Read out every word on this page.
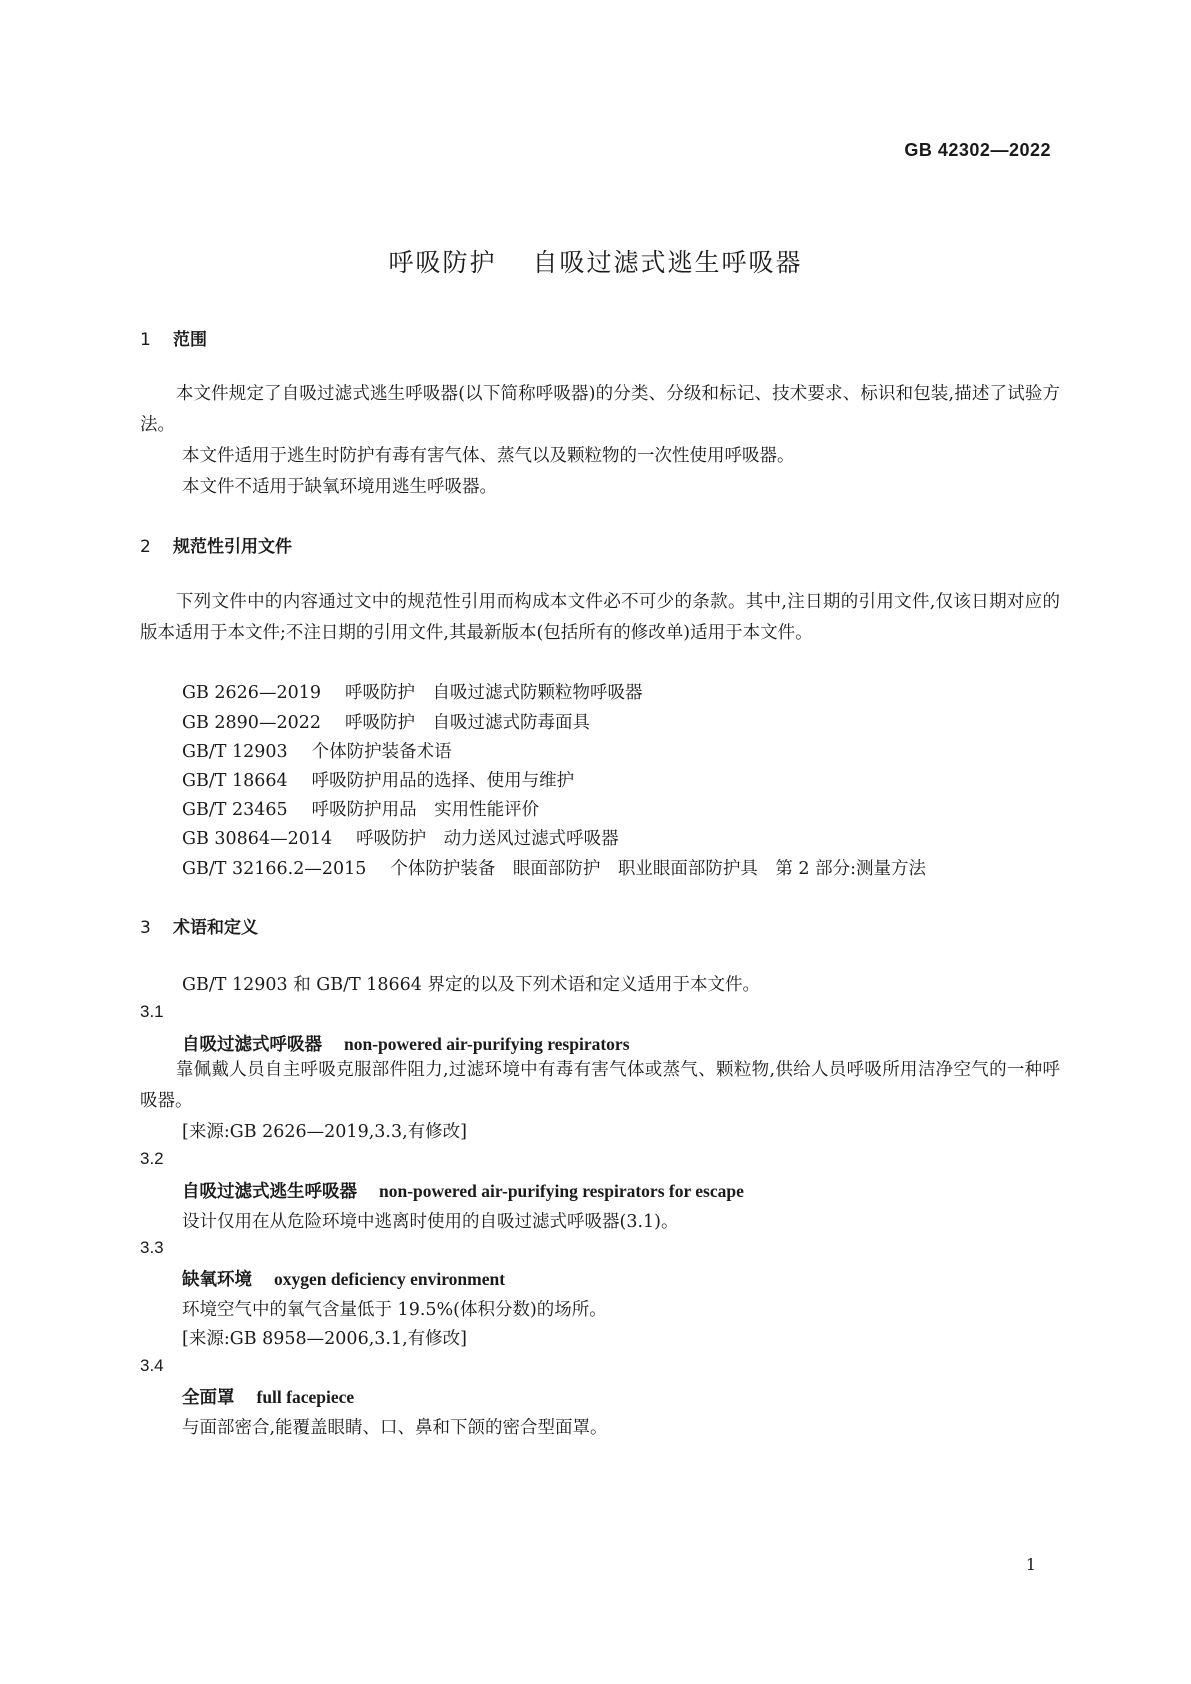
GB 42302—2022
呼吸防护 自吸过滤式逃生呼吸器
1 范围
本文件规定了自吸过滤式逃生呼吸器(以下简称呼吸器)的分类、分级和标记、技术要求、标识和包装,描述了试验方法。
本文件适用于逃生时防护有毒有害气体、蒸气以及颗粒物的一次性使用呼吸器。
本文件不适用于缺氧环境用逃生呼吸器。
2 规范性引用文件
下列文件中的内容通过文中的规范性引用而构成本文件必不可少的条款。其中,注日期的引用文件,仅该日期对应的版本适用于本文件;不注日期的引用文件,其最新版本(包括所有的修改单)适用于本文件。
GB 2626—2019 呼吸防护　自吸过滤式防颗粒物呼吸器
GB 2890—2022 呼吸防护　自吸过滤式防毒面具
GB/T 12903 个体防护装备术语
GB/T 18664 呼吸防护用品的选择、使用与维护
GB/T 23465 呼吸防护用品　实用性能评价
GB 30864—2014 呼吸防护　动力送风过滤式呼吸器
GB/T 32166.2—2015 个体防护装备　眼面部防护　职业眼面部防护具　第 2 部分:测量方法
3 术语和定义
GB/T 12903 和 GB/T 18664 界定的以及下列术语和定义适用于本文件。
3.1
自吸过滤式呼吸器 non-powered air-purifying respirators
靠佩戴人员自主呼吸克服部件阻力,过滤环境中有毒有害气体或蒸气、颗粒物,供给人员呼吸所用洁净空气的一种呼吸器。
[来源:GB 2626—2019,3.3,有修改]
3.2
自吸过滤式逃生呼吸器 non-powered air-purifying respirators for escape
设计仅用在从危险环境中逃离时使用的自吸过滤式呼吸器(3.1)。
3.3
缺氧环境 oxygen deficiency environment
环境空气中的氧气含量低于 19.5%(体积分数)的场所。
[来源:GB 8958—2006,3.1,有修改]
3.4
全面罩 full facepiece
与面部密合,能覆盖眼睛、口、鼻和下颌的密合型面罩。
1
